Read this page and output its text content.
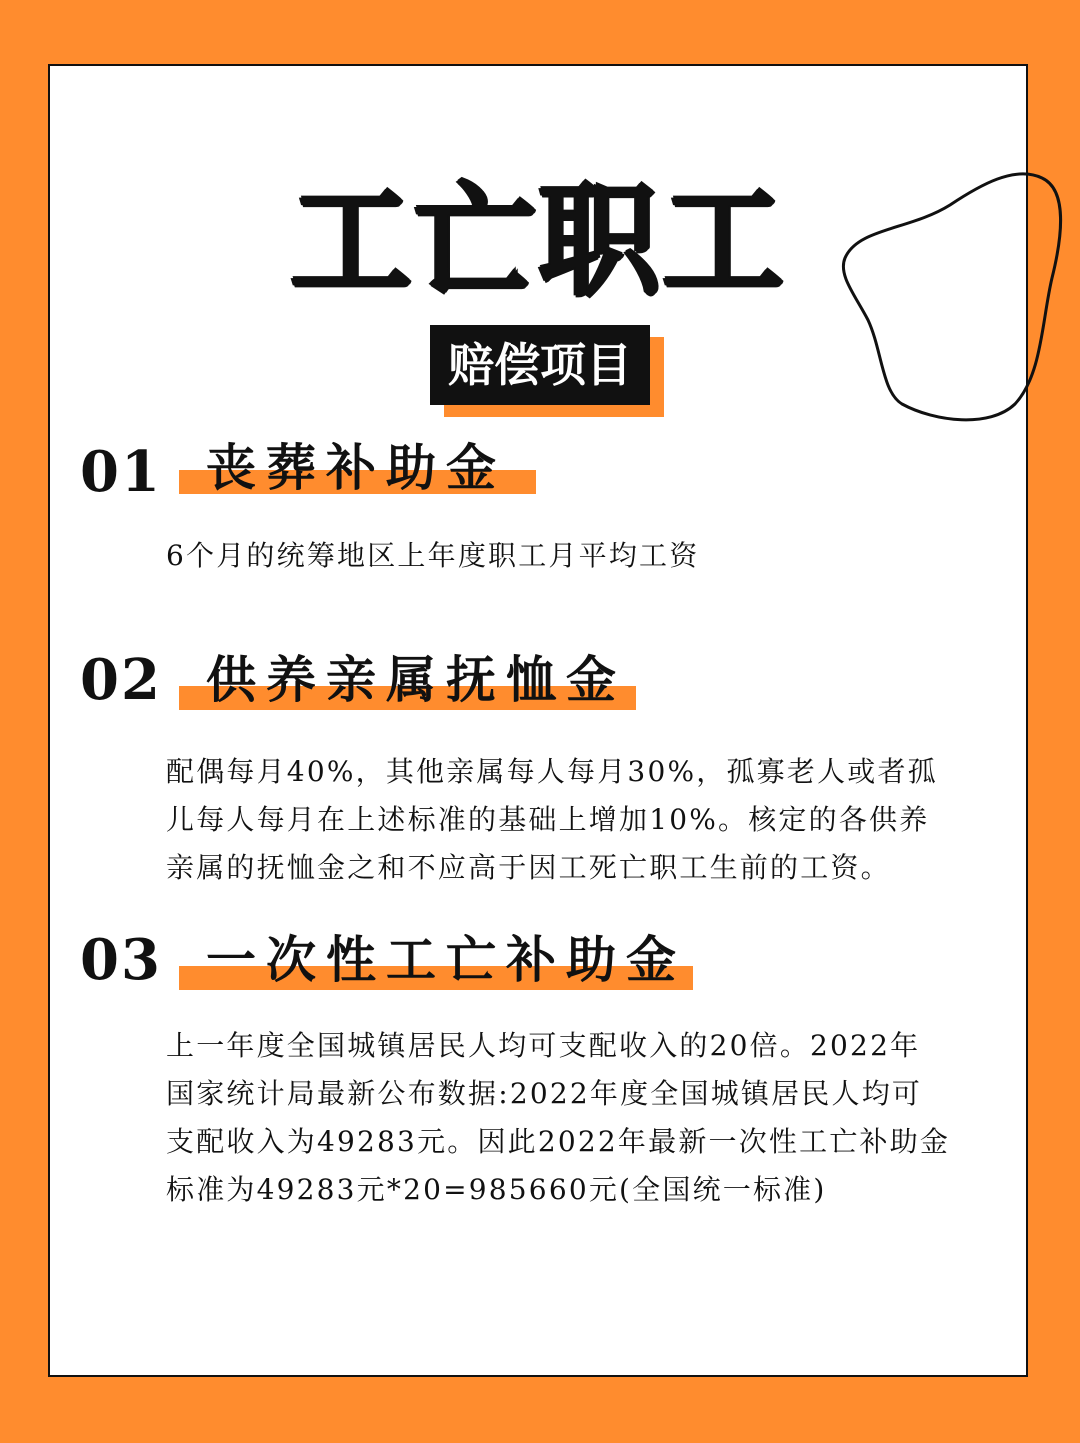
工亡职工
赔偿项目
01 丧葬补助金
6个月的统筹地区上年度职工月平均工资
02 供养亲属抚恤金
配偶每月40%，其他亲属每人每月30%，孤寡老人或者孤
儿每人每月在上述标准的基础上增加10%。核定的各供养
亲属的抚恤金之和不应高于因工死亡职工生前的工资。
03 一次性工亡补助金
上一年度全国城镇居民人均可支配收入的20倍。2022年
国家统计局最新公布数据:2022年度全国城镇居民人均可
支配收入为49283元。因此2022年最新一次性工亡补助金
标准为49283元*20=985660元(全国统一标准)
